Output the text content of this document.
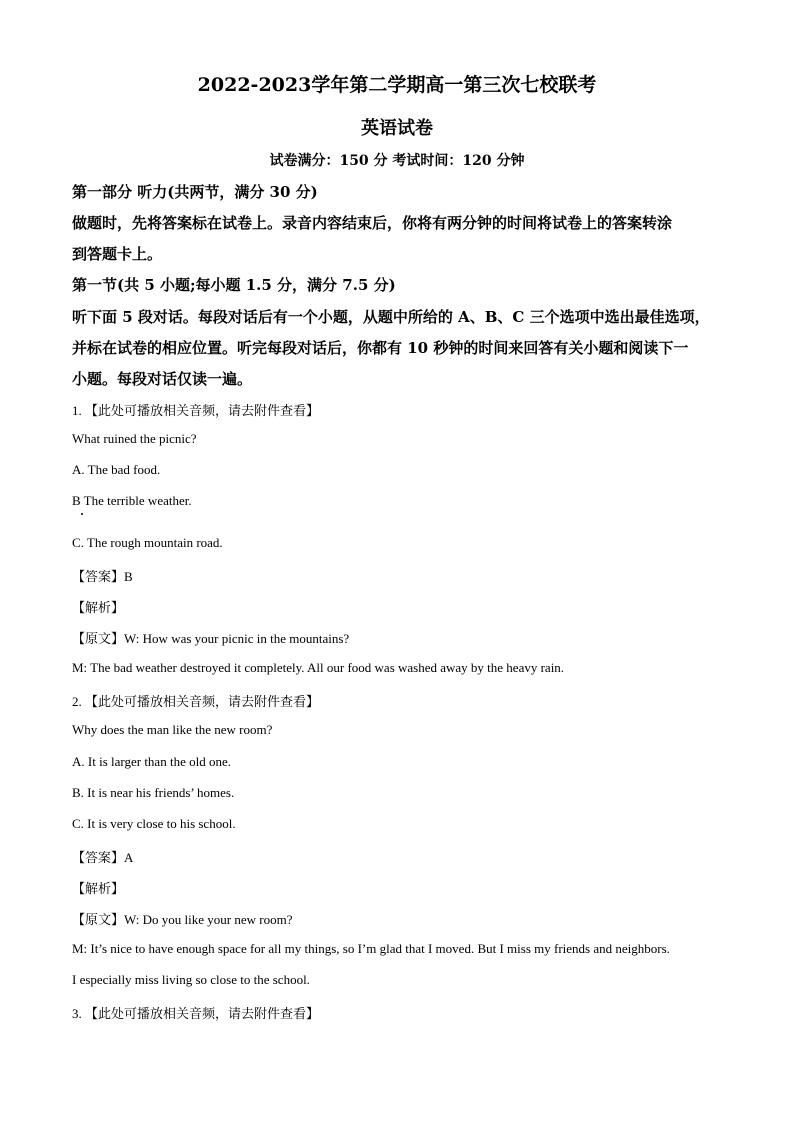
2022-2023学年第二学期高一第三次七校联考
英语试卷
试卷满分：150 分 考试时间：120 分钟
第一部分 听力(共两节，满分 30 分)
做题时，先将答案标在试卷上。录音内容结束后，你将有两分钟的时间将试卷上的答案转涂
到答题卡上。
第一节(共 5 小题;每小题 1.5 分，满分 7.5 分)
听下面 5 段对话。每段对话后有一个小题，从题中所给的 A、B、C 三个选项中选出最佳选项，
并标在试卷的相应位置。听完每段对话后，你都有 10 秒钟的时间来回答有关小题和阅读下一
小题。每段对话仅读一遍。
1. 【此处可播放相关音频，请去附件查看】
What ruined the picnic?
A. The bad food.
B The terrible weather.
C. The rough mountain road.
【答案】B
【解析】
【原文】W: How was your picnic in the mountains?
M: The bad weather destroyed it completely. All our food was washed away by the heavy rain.
2. 【此处可播放相关音频，请去附件查看】
Why does the man like the new room?
A. It is larger than the old one.
B. It is near his friends’ homes.
C. It is very close to his school.
【答案】A
【解析】
【原文】W: Do you like your new room?
M: It’s nice to have enough space for all my things, so I’m glad that I moved. But I miss my friends and neighbors.
I especially miss living so close to the school.
3. 【此处可播放相关音频，请去附件查看】
